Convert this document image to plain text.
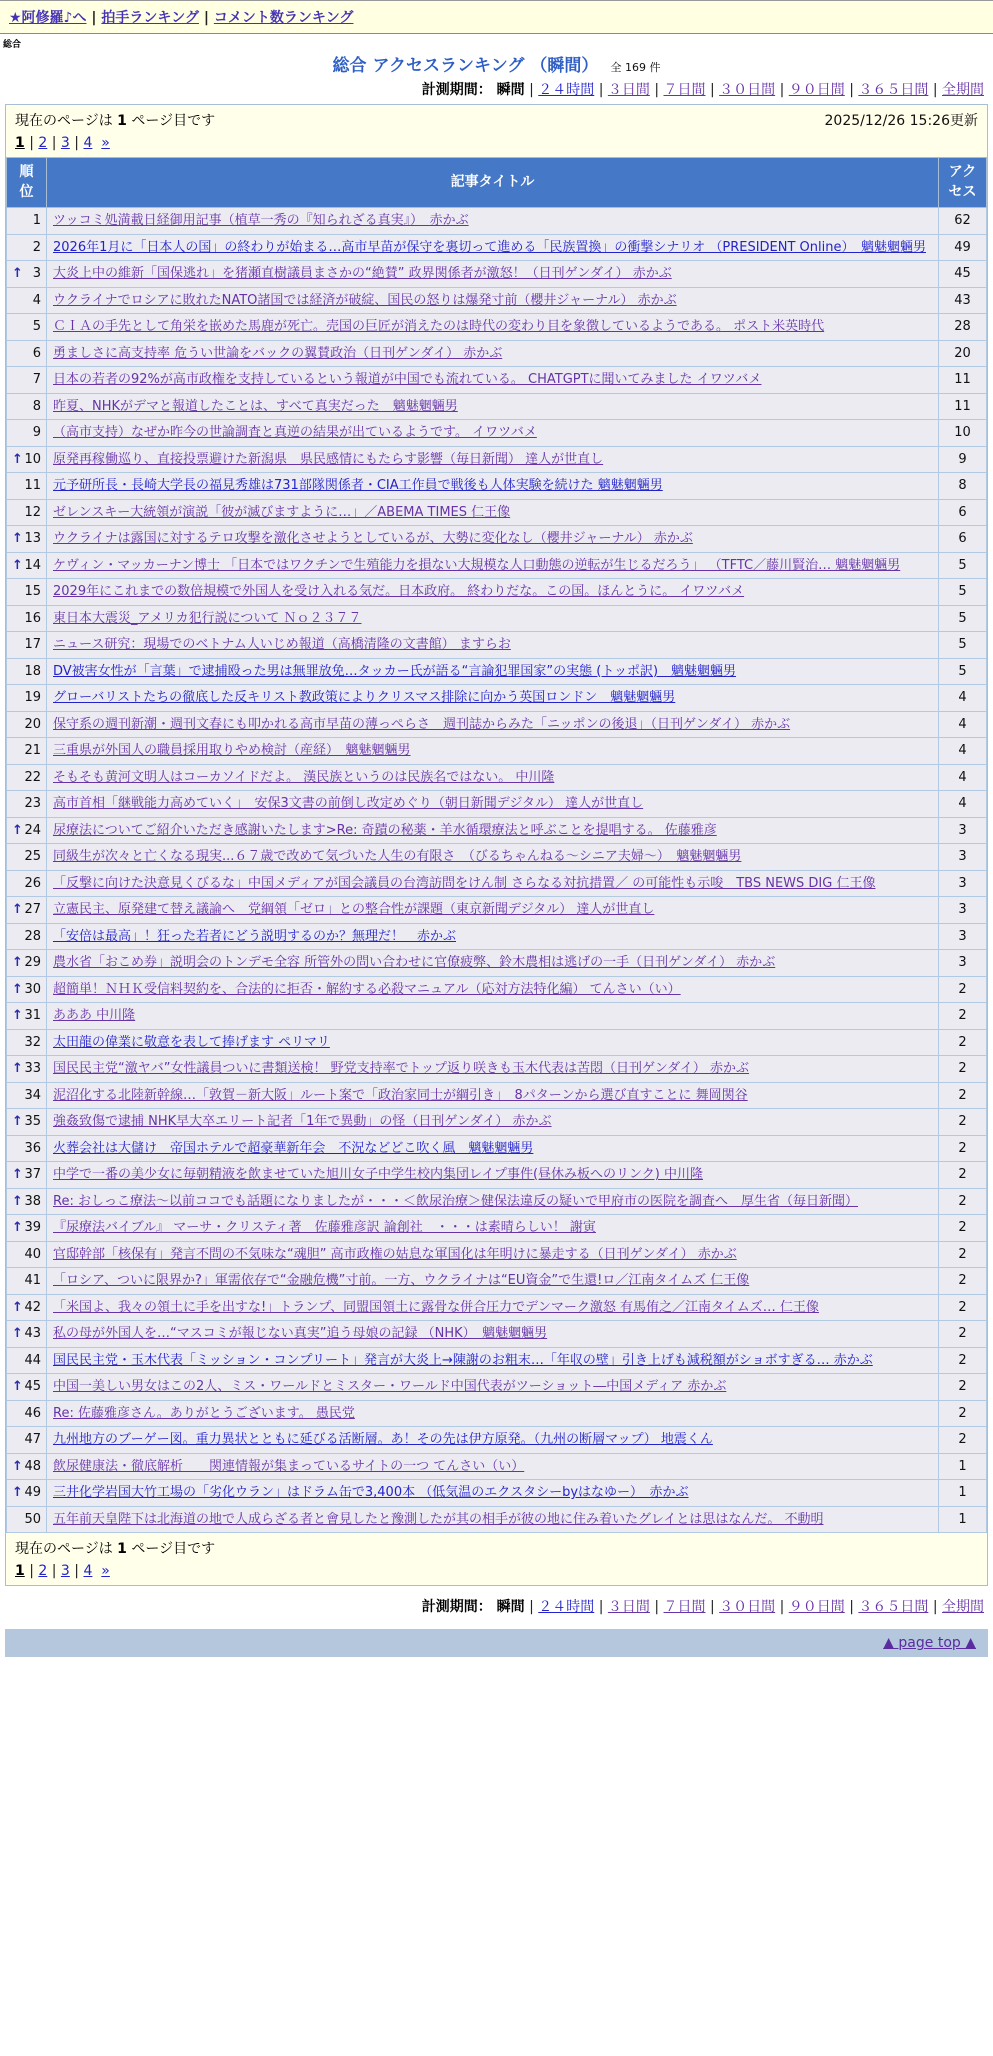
★阿修羅♪へ | 拍手ランキング | コメント数ランキング
総合
総合 アクセスランキング （瞬間） 全 169 件
計測期間： 瞬間 | ２４時間 | ３日間 | ７日間 | ３０日間 | ９０日間 | ３６５日間 | 全期間
現在のページは 1 ページ目です	2025/12/26 15:26更新
1 | 2 | 3 | 4 »
順位	記事タイトル	アクセス
1	ツッコミ処満載日経御用記事（植草一秀の『知られざる真実』）　赤かぶ	62
2	2026年1月に「日本人の国」の終わりが始まる…高市早苗が保守を裏切って進める「民族置換」の衝撃シナリオ （PRESIDENT Online）　魑魅魍魎男	49

↑ 3	大炎上中の維新「国保逃れ」を猪瀬直樹議員まさかの“絶賛” 政界関係者が激怒！（日刊ゲンダイ） 赤かぶ	45
4	ウクライナでロシアに敗れたNATO諸国では経済が破綻、国民の怒りは爆発寸前（櫻井ジャーナル） 赤かぶ	43
5	ＣＩＡの手先として角栄を嵌めた馬鹿が死亡。売国の巨匠が消えたのは時代の変わり目を象徴しているようである。 ポスト米英時代	28
6	勇ましさに高支持率 危うい世論をバックの翼賛政治（日刊ゲンダイ） 赤かぶ	20
7	日本の若者の92%が高市政権を支持しているという報道が中国でも流れている。 CHATGPTに聞いてみました イワツバメ	11
8	昨夏、NHKがデマと報道したことは、すべて真実だった　魑魅魍魎男	11
9	（高市支持）なぜか昨今の世論調査と真逆の結果が出ているようです。 イワツバメ	10

↑ 10	原発再稼働巡り、直接投票避けた新潟県　県民感情にもたらす影響（毎日新聞） 達人が世直し	9
11	元予研所長・長崎大学長の福見秀雄は731部隊関係者・CIA工作員で戦後も人体実験を続けた 魑魅魍魎男	8
12	ゼレンスキー大統領が演説「彼が滅びますように…」／ABEMA TIMES 仁王像	6

↑ 13	ウクライナは露国に対するテロ攻撃を激化させようとしているが、大勢に変化なし（櫻井ジャーナル） 赤かぶ	6

↑ 14	ケヴィン・マッカーナン博士 「日本ではワクチンで生殖能力を損ない大規模な人口動態の逆転が生じるだろう」 （TFTC／藤川賢治… 魑魅魍魎男	5
15	2029年にこれまでの数倍規模で外国人を受け入れる気だ。日本政府。 終わりだな。この国。ほんとうに。 イワツバメ	5
16	東日本大震災_アメリカ犯行説について Ｎｏ２３７７	5
17	ニュース研究：現場でのベトナム人いじめ報道（高橋清隆の文書館） ますらお	5
18	DV被害女性が「言葉」で逮捕殴った男は無罪放免…タッカー氏が語る“言論犯罪国家”の実態 (トッポ訳)　魑魅魍魎男	5
19	グローバリストたちの徹底した反キリスト教政策によりクリスマス排除に向かう英国ロンドン　魑魅魍魎男	4
20	保守系の週刊新潮・週刊文春にも叩かれる高市早苗の薄っぺらさ　週刊誌からみた「ニッポンの後退」（日刊ゲンダイ） 赤かぶ	4
21	三重県が外国人の職員採用取りやめ検討（産経）　魑魅魍魎男	4
22	そもそも黄河文明人はコーカソイドだよ。 漢民族というのは民族名ではない。 中川隆	4
23	高市首相「継戦能力高めていく」　安保3文書の前倒し改定めぐり（朝日新聞デジタル） 達人が世直し	4

↑ 24	尿療法についてご紹介いただき感謝いたします>Re: 奇蹟の秘薬・羊水循環療法と呼ぶことを提唱する。 佐藤雅彦	3
25	同級生が次々と亡くなる現実...６７歳で改めて気づいた人生の有限さ　（びるちゃんねる～シニア夫婦～）　魑魅魍魎男	3
26	「反撃に向けた決意見くびるな」中国メディアが国会議員の台湾訪問をけん制 さらなる対抗措置／ の可能性も示唆　TBS NEWS DIG 仁王像	3

↑ 27	立憲民主、原発建て替え議論へ　党綱領「ゼロ」との整合性が課題（東京新聞デジタル） 達人が世直し	3
28	「安倍は最高」！狂った若者にどう説明するのか？無理だ！　赤かぶ	3

↑ 29	農水省「おこめ券」説明会のトンデモ全容 所管外の問い合わせに官僚疲弊、鈴木農相は逃げの一手（日刊ゲンダイ） 赤かぶ	3

↑ 30	超簡単！ＮＨＫ受信料契約を、合法的に拒否・解約する必殺マニュアル（応対方法特化編） てんさい（い）	2

↑ 31	あああ 中川隆	2
32	太田龍の偉業に敬意を表して捧げます ペリマリ	2

↑ 33	国民民主党“激ヤバ”女性議員ついに書類送検！ 野党支持率でトップ返り咲きも玉木代表は苦悶（日刊ゲンダイ） 赤かぶ	2
34	泥沼化する北陸新幹線…「敦賀－新大阪」ルート案で「政治家同士が綱引き」　8パターンから選び直すことに 舞岡関谷	2

↑ 35	強姦致傷で逮捕 NHK早大卒エリート記者「1年で異動」の怪（日刊ゲンダイ） 赤かぶ	2
36	火葬会社は大儲け　帝国ホテルで超豪華新年会　不況などどこ吹く風　魑魅魍魎男	2

↑ 37	中学で一番の美少女に毎朝精液を飲ませていた旭川女子中学生校内集団レイプ事件(昼休み板へのリンク) 中川隆	2

↑ 38	Re: おしっこ療法～以前ココでも話題になりましたが・・・＜飲尿治療＞健保法違反の疑いで甲府市の医院を調査へ　厚生省（毎日新聞）	2

↑ 39	『尿療法バイブル』 マーサ・クリスティ著　佐藤雅彦訳 論創社　・・・は素晴らしい！ 謝寅	2
40	官邸幹部「核保有」発言不問の不気味な“魂胆” 高市政権の姑息な軍国化は年明けに暴走する（日刊ゲンダイ） 赤かぶ	2
41	「ロシア、ついに限界か?」軍需依存で“金融危機”寸前。一方、ウクライナは“EU資金”で生還!ロ／江南タイムズ 仁王像	2

↑ 42	「米国よ、我々の領土に手を出すな!」トランプ、同盟国領土に露骨な併合圧力でデンマーク激怒 有馬侑之／江南タイムズ… 仁王像	2

↑ 43	私の母が外国人を…“マスコミが報じない真実”追う母娘の記録 （NHK）　魑魅魍魎男	2
44	国民民主党・玉木代表「ミッション・コンプリート」発言が大炎上→陳謝のお粗末…「年収の壁」引き上げも減税額がショボすぎる… 赤かぶ	2

↑ 45	中国一美しい男女はこの2人、ミス・ワールドとミスター・ワールド中国代表がツーショット―中国メディア 赤かぶ	2
46	Re: 佐藤雅彦さん。ありがとうございます。 愚民党	2
47	九州地方のブーゲー図。重力異状とともに延びる活断層。あ！その先は伊方原発。（九州の断層マップ） 地震くん	2

↑ 48	飲尿健康法・徹底解析　　関連情報が集まっているサイトの一つ てんさい（い）	1

↑ 49	三井化学岩国大竹工場の「劣化ウラン」はドラム缶で3,400本 （低気温のエクスタシーbyはなゆー）　赤かぶ	1
50	五年前天皇陛下は北海道の地で人成らざる者と會見したと豫測したが其の相手が彼の地に住み着いたグレイとは思はなんだ。 不動明	1
現在のページは 1 ページ目です
1 | 2 | 3 | 4 »
計測期間： 瞬間 | ２４時間 | ３日間 | ７日間 | ３０日間 | ９０日間 | ３６５日間 | 全期間
▲ page top ▲
